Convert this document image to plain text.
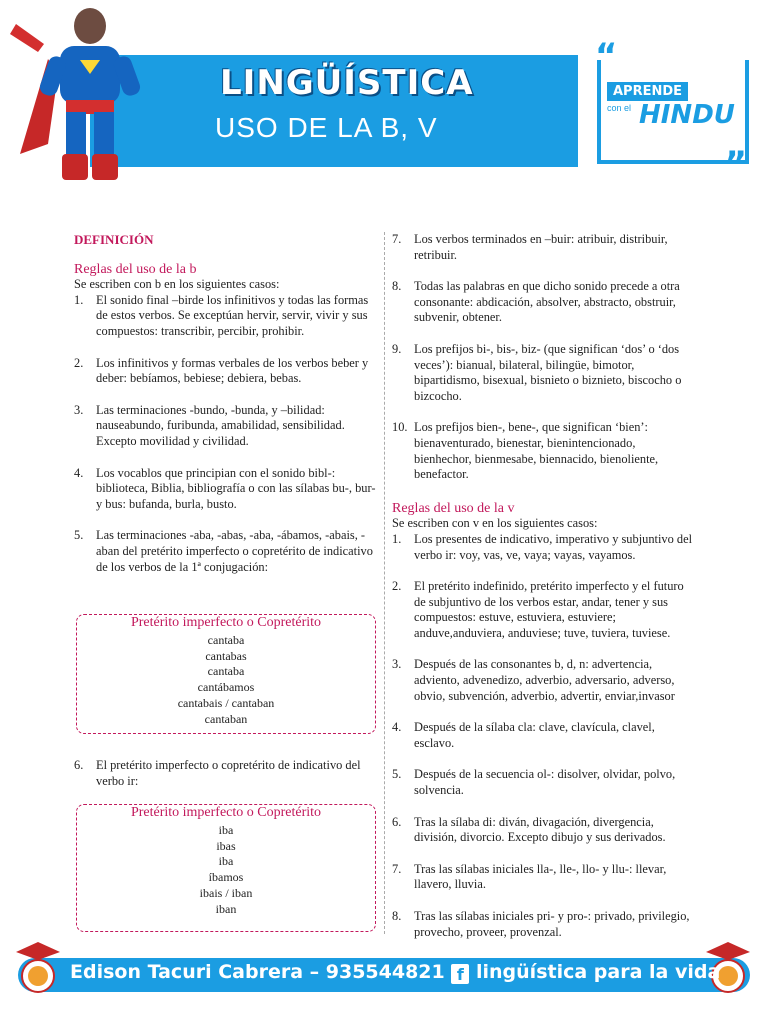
LINGÜÍSTICA
USO DE LA B, V
“
APRENDE
con el HINDU
”

DEFINICIÓN

Reglas del uso de la b

Se escriben con b en los siguientes casos:

1. El sonido final –birde los infinitivos y todas las formas de estos verbos. Se exceptúan hervir, servir, vivir y sus compuestos: transcribir, percibir, prohibir.
2. Los infinitivos y formas verbales de los verbos beber y deber: bebíamos, bebiese; debiera, bebas.
3. Las terminaciones -bundo, -bunda, y –bilidad: nauseabundo, furibunda, amabilidad, sensibilidad. Excepto movilidad y civilidad.
4. Los vocablos que principian con el sonido bibl-: biblioteca, Biblia, bibliografía o con las sílabas bu-, bur- y bus: bufanda, burla, busto.
5. Las terminaciones -aba, -abas, -aba, -ábamos, -abais, -aban del pretérito imperfecto o copretérito de indicativo de los verbos de la 1ª conjugación:
Pretérito imperfecto o Copretérito
cantaba
cantabas
cantaba
cantábamos
cantabais / cantaban
cantaban
6. El pretérito imperfecto o copretérito de indicativo del verbo ir:
Pretérito imperfecto o Copretérito
iba
ibas
iba
íbamos
ibais / iban
iban
7. Los verbos terminados en –buir: atribuir, distribuir, retribuir.
8. Todas las palabras en que dicho sonido precede a otra consonante: abdicación, absolver, abstracto, obstruir, subvenir, obtener.
9. Los prefijos bi-, bis-, biz- (que significan ‘dos’ o ‘dos veces’): bianual, bilateral, bilingüe, bimotor, bipartidismo, bisexual, bisnieto o biznieto, biscocho o bizcocho.
10. Los prefijos bien-, bene-, que significan ‘bien’: bienaventurado, bienestar, bienintencionado, bienhechor, bienmesabe, biennacido, bienoliente, benefactor.

Reglas del uso de la v

Se escriben con v en los siguientes casos:

1. Los presentes de indicativo, imperativo y subjuntivo del verbo ir: voy, vas, ve, vaya; vayas, vayamos.
2. El pretérito indefinido, pretérito imperfecto y el futuro de subjuntivo de los verbos estar, andar, tener y sus compuestos: estuve, estuviera, estuviere; anduve,anduviera, anduviese; tuve, tuviera, tuviese.
3. Después de las consonantes b, d, n: advertencia, adviento, advenedizo, adverbio, adversario, adverso, obvio, subvención, adverbio, advertir, enviar,invasor
4. Después de la sílaba cla: clave, clavícula, clavel, esclavo.
5. Después de la secuencia ol-: disolver, olvidar, polvo, solvencia.
6. Tras la sílaba di: diván, divagación, divergencia, división, divorcio. Excepto dibujo y sus derivados.
7. Tras las sílabas iniciales lla-, lle-, llo- y llu-: llevar, llavero, lluvia.
8. Tras las sílabas iniciales pri- y pro-: privado, privilegio, provecho, proveer, provenzal.
Edison Tacuri Cabrera – 935544821 f lingüística para la vida
